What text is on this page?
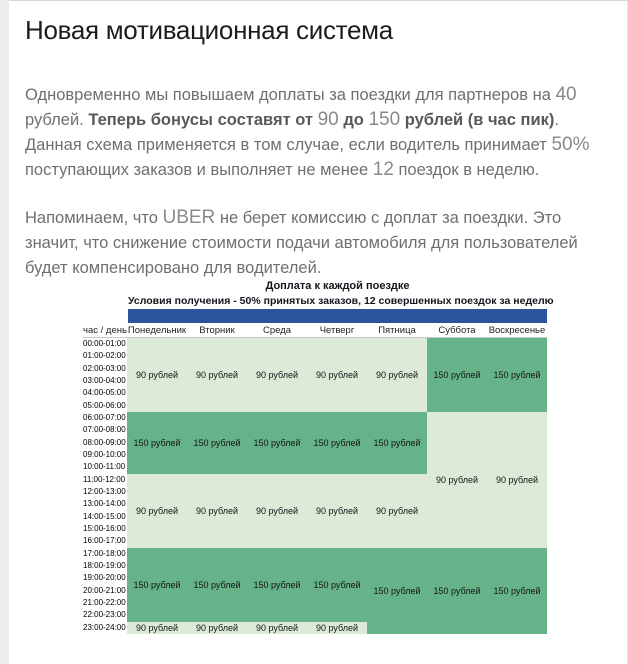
Новая мотивационная система

Одновременно мы повышаем доплаты за поездки для партнеров на 40 рублей. Теперь бонусы составят от 90 до 150 рублей (в час пик). Данная схема применяется в том случае, если водитель принимает 50% поступающих заказов и выполняет не менее 12 поездок в неделю.

Напоминаем, что UBER не берет комиссию с доплат за поездки. Это значит, что снижение стоимости подачи автомобиля для пользователей будет компенсировано для водителей.

Доплата к каждой поездке

Условия получения - 50% принятых заказов, 12 совершенных поездок за неделю

час / день	Понедельник	Вторник	Среда	Четверг	Пятница	Суббота	Воскресенье
00:00-01:00	90 рублей	90 рублей	90 рублей	90 рублей	90 рублей	150 рублей	150 рублей
01:00-02:00							
02:00-03:00							
03:00-04:00							
04:00-05:00							
05:00-06:00							
06:00-07:00	150 рублей	150 рублей	150 рублей	150 рублей	150 рублей	90 рублей	90 рублей
07:00-08:00							
08:00-09:00							
09:00-10:00							
10:00-11:00							
11:00-12:00	90 рублей	90 рублей	90 рублей	90 рублей	90 рублей		
12:00-13:00							
13:00-14:00							
14:00-15:00							
15:00-16:00							
16:00-17:00							
17:00-18:00	150 рублей	150 рублей	150 рублей	150 рублей	150 рублей	150 рублей	150 рублей
18:00-19:00							
19:00-20:00							
20:00-21:00							
21:00-22:00							
22:00-23:00							
23:00-24:00	90 рублей	90 рублей	90 рублей	90 рублей			
